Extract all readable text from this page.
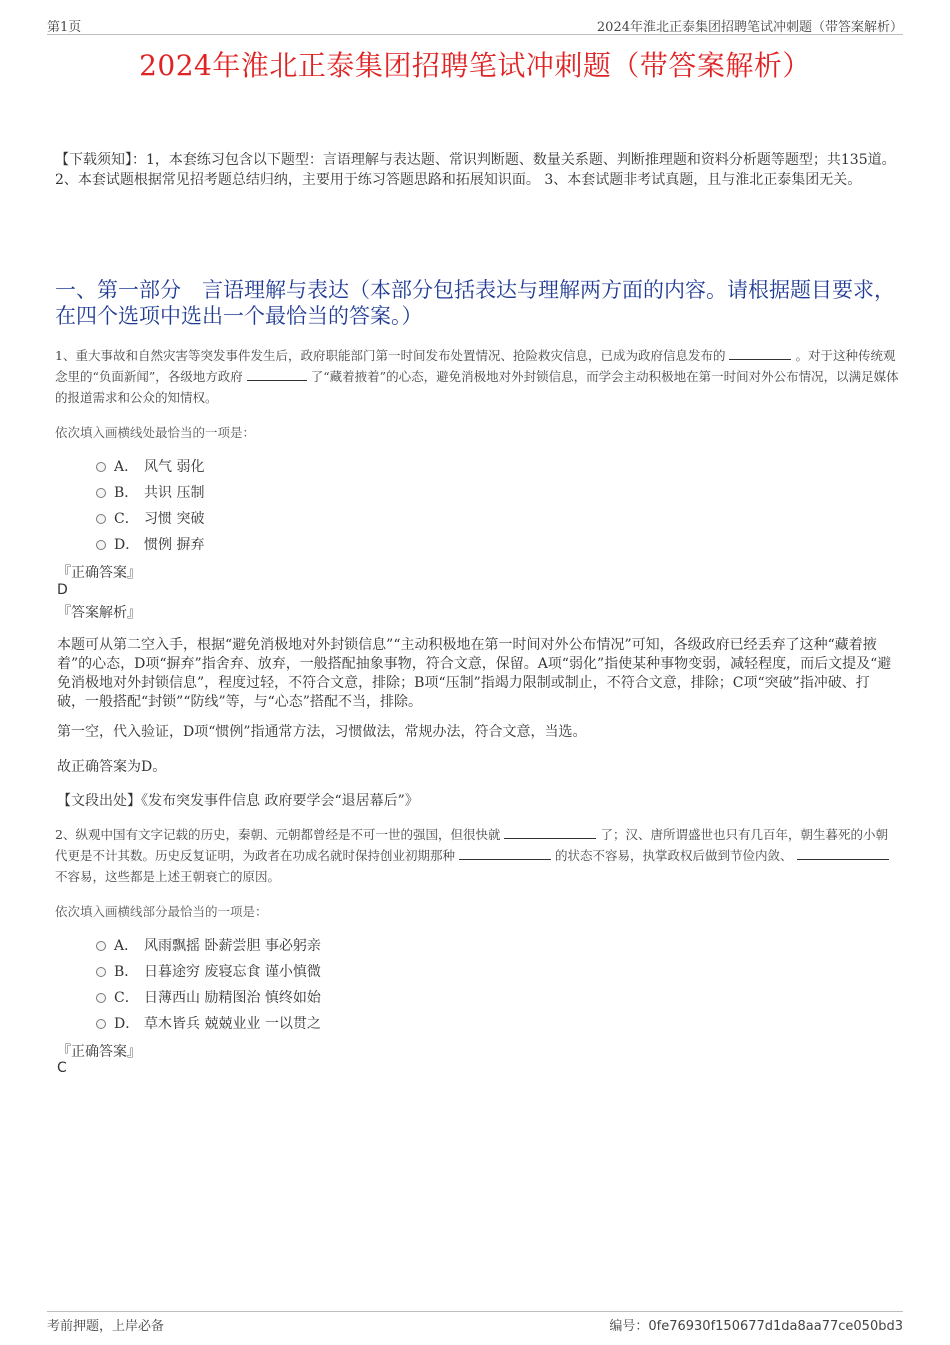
第1页	2024年淮北正泰集团招聘笔试冲刺题（带答案解析）
2024年淮北正泰集团招聘笔试冲刺题（带答案解析）
【下载须知】：1，本套练习包含以下题型：言语理解与表达题、常识判断题、数量关系题、判断推理题和资料分析题等题型；共135道。 2、本套试题根据常见招考题总结归纳，主要用于练习答题思路和拓展知识面。 3、本套试题非考试真题，且与淮北正泰集团无关。
一、第一部分　言语理解与表达（本部分包括表达与理解两方面的内容。请根据题目要求，在四个选项中选出一个最恰当的答案。）
1、重大事故和自然灾害等突发事件发生后，政府职能部门第一时间发布处置情况、抢险救灾信息，已成为政府信息发布的	。对于这种传统观念里的“负面新闻”，各级地方政府	了“藏着掖着”的心态，避免消极地对外封锁信息，而学会主动积极地在第一时间对外公布情况，以满足媒体的报道需求和公众的知情权。
依次填入画横线处最恰当的一项是：
A． 风气 弱化
B． 共识 压制
C． 习惯 突破
D． 惯例 摒弃
『正确答案』
D
『答案解析』
本题可从第二空入手，根据“避免消极地对外封锁信息”“主动积极地在第一时间对外公布情况”可知，各级政府已经丢弃了这种“藏着掖着”的心态，D项“摒弃”指舍弃、放弃，一般搭配抽象事物，符合文意，保留。A项“弱化”指使某种事物变弱，减轻程度，而后文提及“避免消极地对外封锁信息”，程度过轻，不符合文意，排除；B项“压制”指竭力限制或制止，不符合文意，排除；C项“突破”指冲破、打破，一般搭配“封锁”“防线”等，与“心态”搭配不当，排除。
第一空，代入验证，D项“惯例”指通常方法，习惯做法，常规办法，符合文意，当选。
故正确答案为D。
【文段出处】《发布突发事件信息 政府要学会“退居幕后”》
2、纵观中国有文字记载的历史，秦朝、元朝都曾经是不可一世的强国，但很快就	了；汉、唐所谓盛世也只有几百年，朝生暮死的小朝代更是不计其数。历史反复证明，为政者在功成名就时保持创业初期那种	的状态不容易，执掌政权后做到节俭内敛、不容易，这些都是上述王朝衰亡的原因。
依次填入画横线部分最恰当的一项是：
A． 风雨飘摇 卧薪尝胆 事必躬亲
B． 日暮途穷 废寝忘食 谨小慎微
C． 日薄西山 励精图治 慎终如始
D． 草木皆兵 兢兢业业 一以贯之
『正确答案』
C
考前押题，上岸必备	编号：0fe76930f150677d1da8aa77ce050bd3
